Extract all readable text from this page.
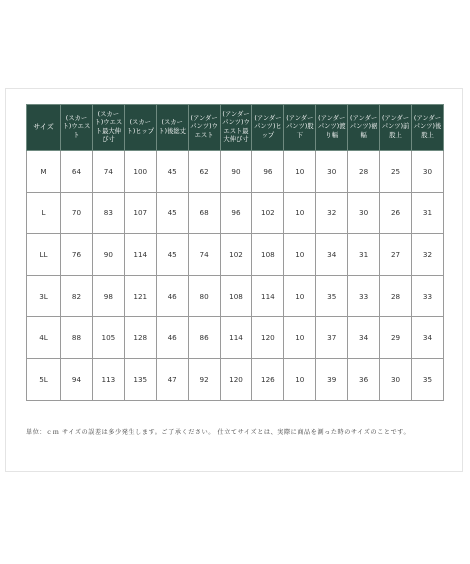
サイズ	(スカート)ウエスト	(スカート)ウエスト最大伸び寸	(スカート)ヒップ	(スカート)後総丈	(アンダーパンツ)ウエスト	(アンダーパンツ)ウエスト最大伸び寸	(アンダーパンツ)ヒップ	(アンダーパンツ)股下	(アンダーパンツ)渡り幅	(アンダーパンツ)裾幅	(アンダーパンツ)前股上	(アンダーパンツ)後股上
M	64	74	100	45	62	90	96	10	30	28	25	30
L	70	83	107	45	68	96	102	10	32	30	26	31
LL	76	90	114	45	74	102	108	10	34	31	27	32
3L	82	98	121	46	80	108	114	10	35	33	28	33
4L	88	105	128	46	86	114	120	10	37	34	29	34
5L	94	113	135	47	92	120	126	10	39	36	30	35
単位：ｃｍ サイズの誤差は多少発生します。ご了承ください。 仕立てサイズとは、実際に商品を測った時のサイズのことです。
